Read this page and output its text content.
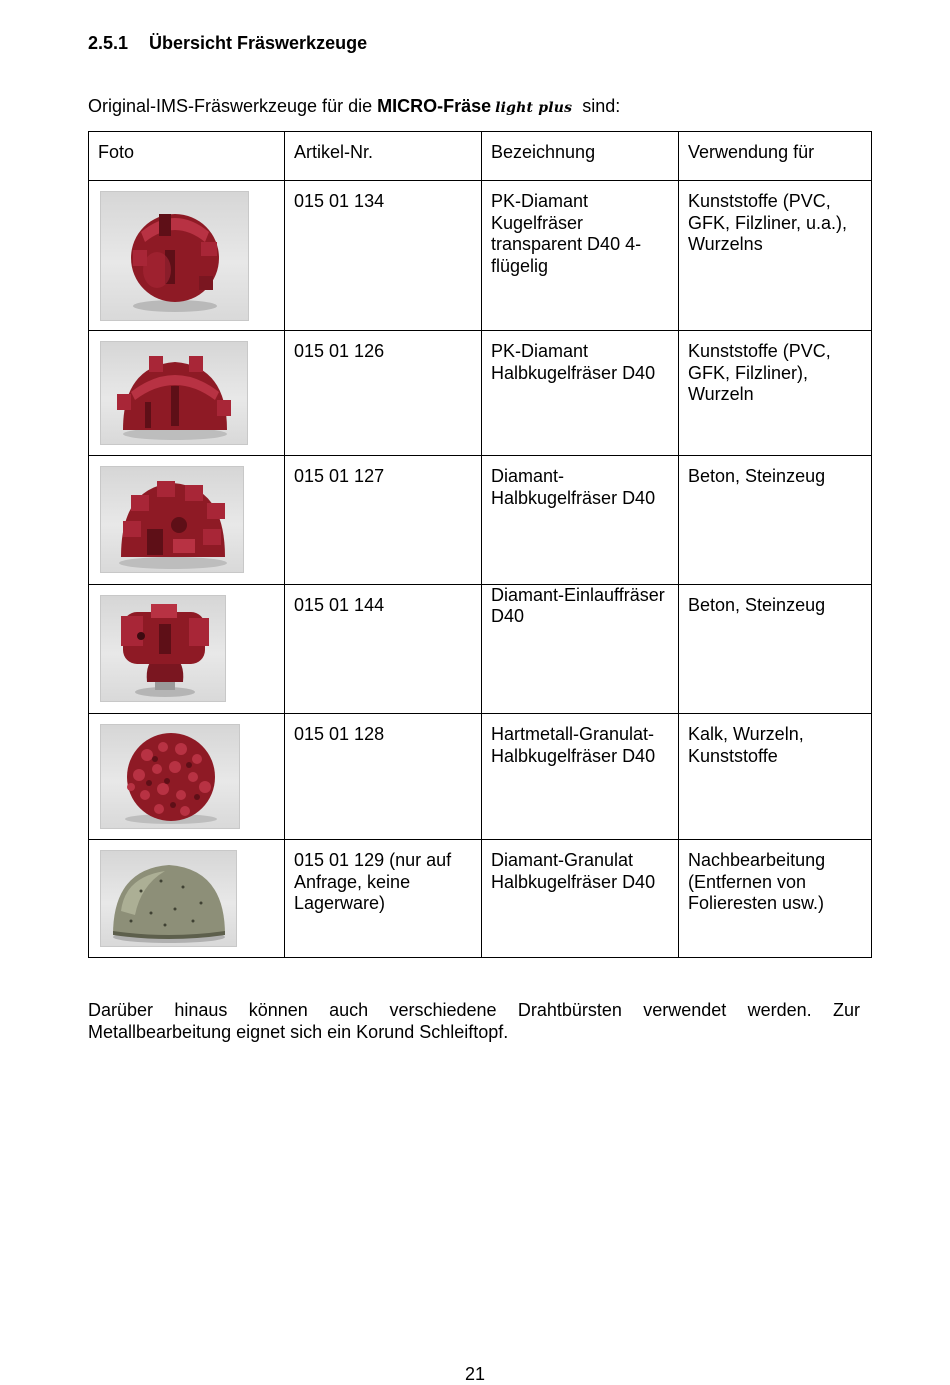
2.5.1 Übersicht Fräswerkzeuge
Original-IMS-Fräswerkzeuge für die MICRO-Fräse light plus sind:
Foto	Artikel-Nr.	Bezeichnung	Verwendung für

	015 01 134	PK-Diamant Kugelfräser transparent D40 4-flügelig	Kunststoffe (PVC, GFK, Filzliner, u.a.), Wurzelns

	015 01 126	PK-Diamant Halbkugelfräser D40	Kunststoffe (PVC, GFK, Filzliner), Wurzeln

	015 01 127	Diamant-Halbkugelfräser D40	Beton, Steinzeug

	015 01 144	Diamant-Einlauffräser D40	Beton, Steinzeug

	015 01 128	Hartmetall-Granulat-Halbkugelfräser D40	Kalk, Wurzeln, Kunststoffe

	015 01 129 (nur auf Anfrage, keine Lagerware)	Diamant-Granulat Halbkugelfräser D40	Nachbearbeitung (Entfernen von Folieresten usw.)
Darüber hinaus können auch verschiedene Drahtbürsten verwendet werden. Zur Metallbearbeitung eignet sich ein Korund Schleiftopf.
21
